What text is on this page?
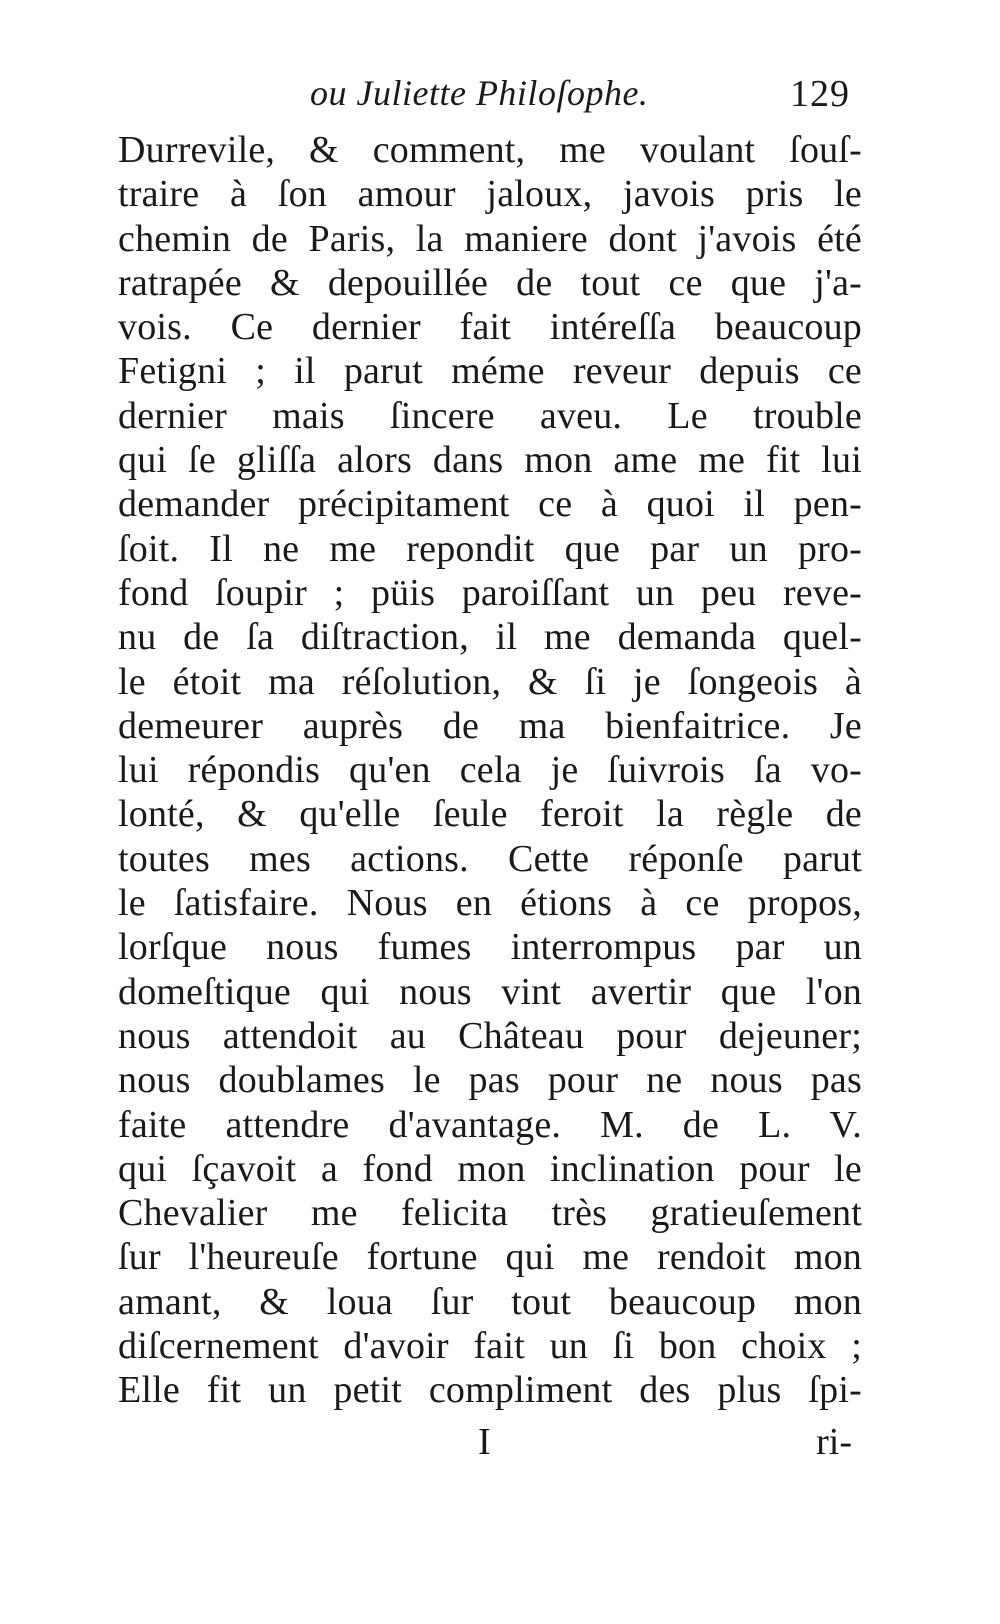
ou Juliette Philoſophe.	129
Durrevile, & comment, me voulant ſouſ-
traire à ſon amour jaloux, javois pris le
chemin de Paris, la maniere dont j'avois été
ratrapée & depouillée de tout ce que j'a-
vois. Ce dernier fait intéreſſa beaucoup
Fetigni ; il parut méme reveur depuis ce
dernier mais ſincere aveu. Le trouble
qui ſe gliſſa alors dans mon ame me fit lui
demander précipitament ce à quoi il pen-
ſoit. Il ne me repondit que par un pro-
fond ſoupir ; püis paroiſſant un peu reve-
nu de ſa diſtraction, il me demanda quel-
le étoit ma réſolution, & ſi je ſongeois à
demeurer auprès de ma bienfaitrice. Je
lui répondis qu'en cela je ſuivrois ſa vo-
lonté, & qu'elle ſeule feroit la règle de
toutes mes actions. Cette réponſe parut
le ſatisfaire. Nous en étions à ce propos,
lorſque nous fumes interrompus par un
domeſtique qui nous vint avertir que l'on
nous attendoit au Château pour dejeuner;
nous doublames le pas pour ne nous pas
faite attendre d'avantage. M. de L. V.
qui ſçavoit a fond mon inclination pour le
Chevalier me felicita très gratieuſement
ſur l'heureuſe fortune qui me rendoit mon
amant, & loua ſur tout beaucoup mon
diſcernement d'avoir fait un ſi bon choix ;
Elle fit un petit compliment des plus ſpi-
I	ri-
